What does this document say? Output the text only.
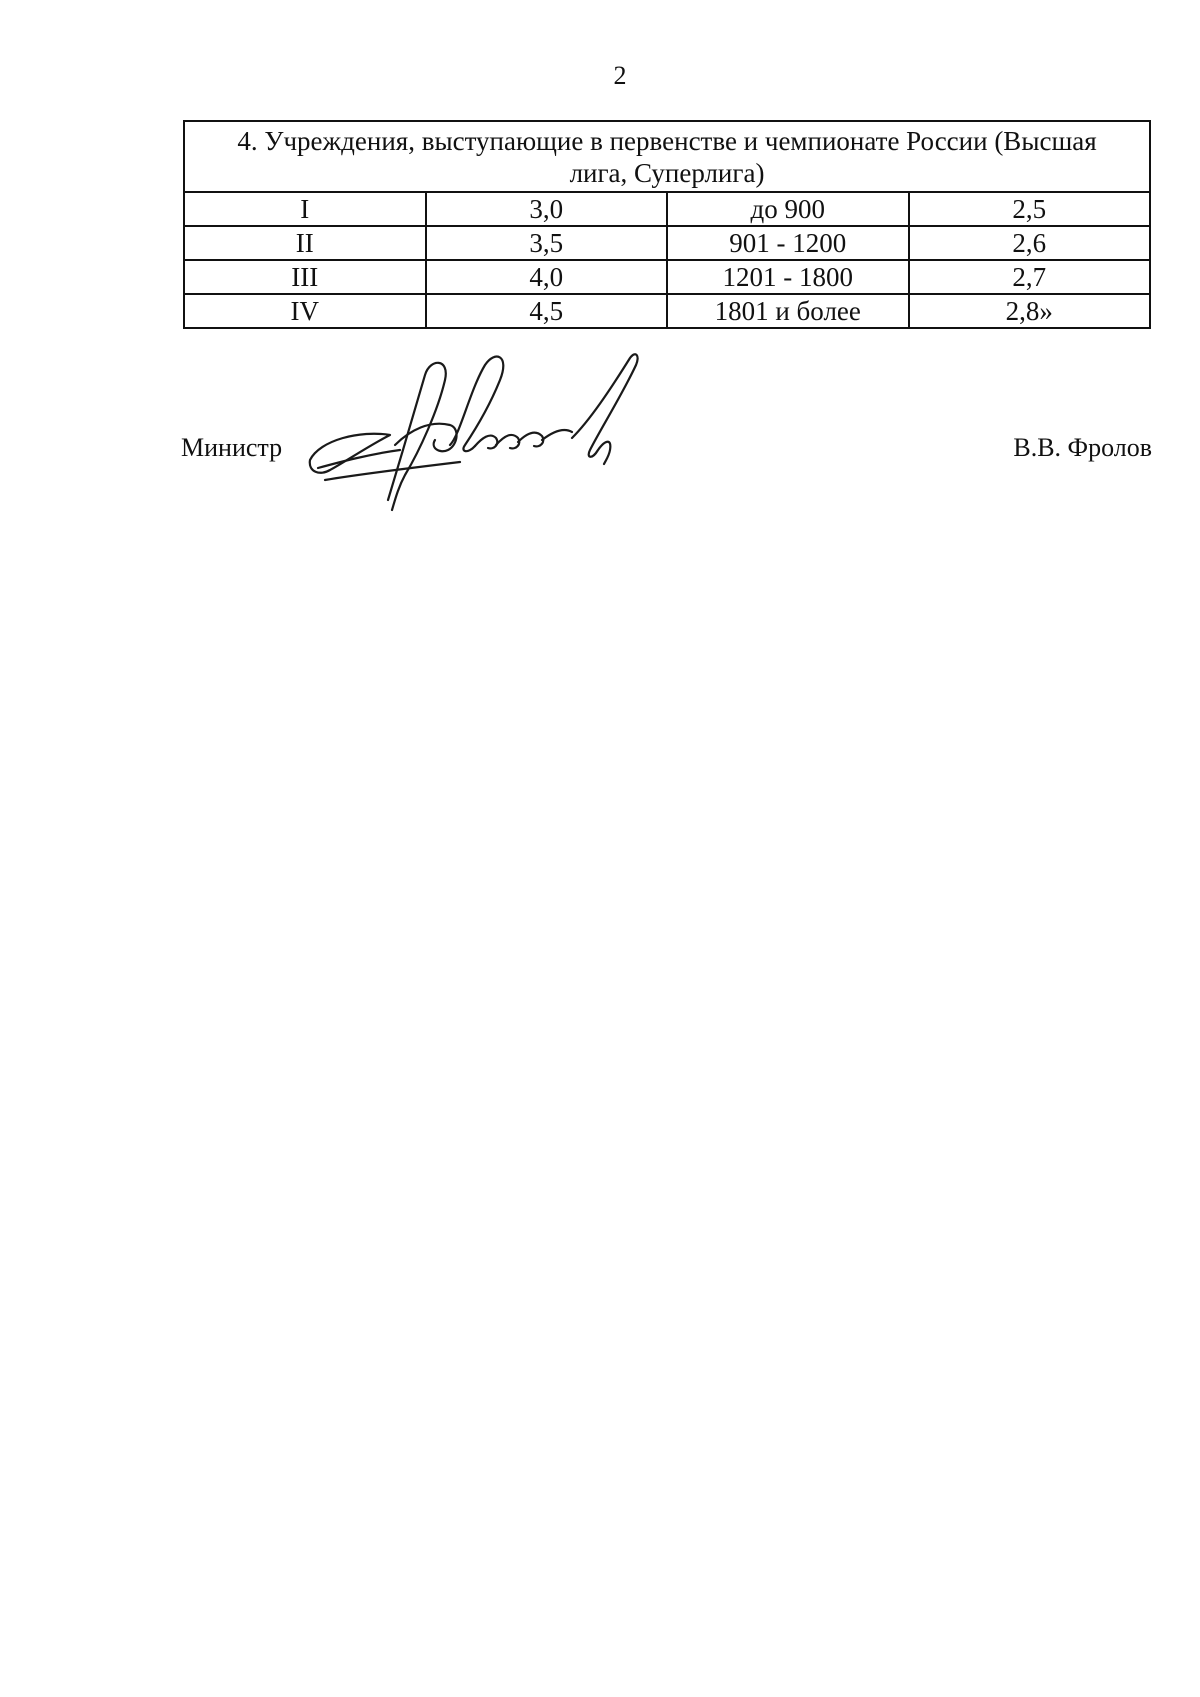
2
4. Учреждения, выступающие в первенстве и чемпионате России (Высшая лига, Суперлига)			
I	3,0	до 900	2,5
II	3,5	901 - 1200	2,6
III	4,0	1201 - 1800	2,7
IV	4,5	1801 и более	2,8»
Министр	В.В. Фролов
